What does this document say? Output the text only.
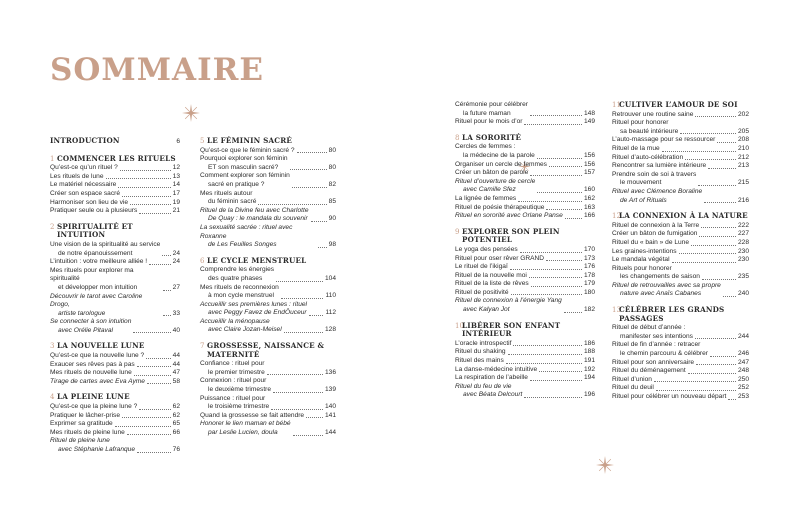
SOMMAIRE
INTRODUCTION	6
1 COMMENCER LES RITUELS
Qu’est-ce qu’un rituel ?	12
Les rituels de lune	13
Le matériel nécessaire	14
Créer son espace sacré	17
Harmoniser son lieu de vie	19
Pratiquer seule ou à plusieurs	21
2 SPIRITUALITÉ ET INTUITION
Une vision de la spiritualité au service
de notre épanouissement	24
L’intuition : votre meilleure alliée !	24
Mes rituels pour explorer ma spiritualité
et développer mon intuition	27
Découvrir le tarot avec Caroline Drogo,
artiste tarologue	33
Se connecter à son intuition
avec Orélie Pitaval	40
3 LA NOUVELLE LUNE
Qu’est-ce que la nouvelle lune ?	44
Exaucer ses rêves pas à pas	44
Mes rituels de nouvelle lune	47
Tirage de cartes avec Eva Ayme	58
4 LA PLEINE LUNE
Qu’est-ce que la pleine lune ?	62
Pratiquer le lâcher-prise	62
Exprimer sa gratitude	65
Mes rituels de pleine lune	66
Rituel de pleine lune
avec Stéphanie Lafranque	76
5 LE FÉMININ SACRÉ
Qu’est-ce que le féminin sacré ?	80
Pourquoi explorer son féminin
ET son masculin sacré?	80
Comment explorer son féminin
sacré en pratique ?	82
Mes rituels autour
du féminin sacré	85
Rituel de la Divine feu avec Charlotte
De Quay : le mandala du souvenir	90
La sexualité sacrée : rituel avec Roxanne
de Les Feuilles Songes	98
6 LE CYCLE MENSTRUEL
Comprendre les énergies
des quatre phases	104
Mes rituels de reconnexion
à mon cycle menstruel	110
Accueillir ses premières lunes : rituel
avec Peggy Favez de EndÔuceur	112
Accueillir la ménopause
avec Claire Jozan-Meisel	128
7 GROSSESSE, NAISSANCE & MATERNITÉ
Confiance : rituel pour
le premier trimestre	136
Connexion : rituel pour
le deuxième trimestre	139
Puissance : rituel pour
le troisième trimestre	140
Quand la grossesse se fait attendre	141
Honorer le lien maman et bébé
par Leslie Lucien, doula	144
Cérémonie pour célébrer
la future maman	148
Rituel pour le mois d’or	149
8 LA SORORITÉ
Cercles de femmes :
la médecine de la parole	156
Organiser un cercle de femmes	156
Créer un bâton de parole	157
Rituel d’ouverture de cercle
avec Camille Sfez	160
La lignée de femmes	162
Rituel de poésie thérapeutique	163
Rituel en sororité avec Orlane Panse	166
9 EXPLORER SON PLEIN POTENTIEL
Le yoga des pensées	170
Rituel pour oser rêver GRAND	173
Le rituel de l’ikigaï	176
Rituel de la nouvelle moi	178
Rituel de la liste de rêves	179
Rituel de positivité	180
Rituel de connexion à l’énergie Yang
avec Kalyan Jot	182
10
LIBÉRER SON ENFANT INTÉRIEUR
L’oracle introspectif	186
Rituel du shaking	188
Rituel des mains	191
La danse-médecine intuitive	192
La respiration de l’abeille	194
Rituel du feu de vie
avec Béata Delcourt	196
11
CULTIVER L’AMOUR DE SOI
Retrouver une routine saine	202
Rituel pour honorer
sa beauté intérieure	205
L’auto-massage pour se ressourcer	208
Rituel de la mue	210
Rituel d’auto-célébration	212
Rencontrer sa lumière intérieure	213
Prendre soin de soi à travers
le mouvement	215
Rituel avec Clémence Boraline
de Art of Rituals	216
12
LA CONNEXION À LA NATURE
Rituel de connexion à la Terre	222
Créer un bâton de fumigation	227
Rituel du « bain » de Lune	228
Les graines-intentions	230
Le mandala végétal	230
Rituels pour honorer
les changements de saison	235
Rituel de retrouvailles avec sa propre
nature avec Anaïs Cabanes	240
13
CÉLÉBRER LES GRANDS PASSAGES
Rituel de début d’année :
manifester ses intentions	244
Rituel de fin d’année : retracer
le chemin parcouru & célébrer	246
Rituel pour son anniversaire	247
Rituel du déménagement	248
Rituel d’union	250
Rituel du deuil	252
Rituel pour célébrer un nouveau départ 253
